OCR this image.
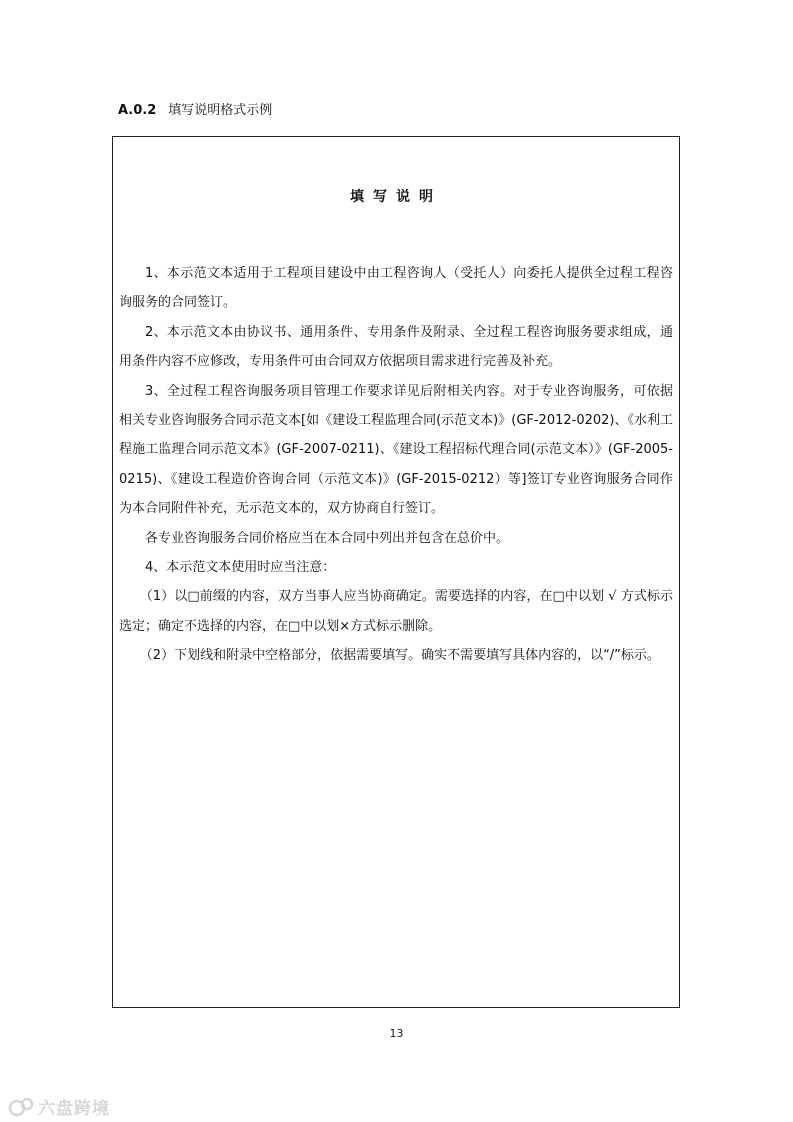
A.0.2 填写说明格式示例
填写说明

1、本示范文本适用于工程项目建设中由工程咨询人（受托人）向委托人提供全过程工程咨询服务的合同签订。

2、本示范文本由协议书、通用条件、专用条件及附录、全过程工程咨询服务要求组成，通用条件内容不应修改，专用条件可由合同双方依据项目需求进行完善及补充。

3、全过程工程咨询服务项目管理工作要求详见后附相关内容。对于专业咨询服务，可依据相关专业咨询服务合同示范文本[如《建设工程监理合同(示范文本)》(GF-2012-0202)、《水利工程施工监理合同示范文本》(GF-2007-0211)、《建设工程招标代理合同(示范文本）》(GF-2005-0215)、《建设工程造价咨询合同（示范文本)》(GF-2015-0212）等]签订专业咨询服务合同作为本合同附件补充，无示范文本的，双方协商自行签订。

各专业咨询服务合同价格应当在本合同中列出并包含在总价中。

4、本示范文本使用时应当注意：

（1）以□前缀的内容，双方当事人应当协商确定。需要选择的内容，在□中以划 √ 方式标示选定；确定不选择的内容，在□中以划×方式标示删除。

（2）下划线和附录中空格部分，依据需要填写。确实不需要填写具体内容的，以“/”标示。

13
六盘跨境
